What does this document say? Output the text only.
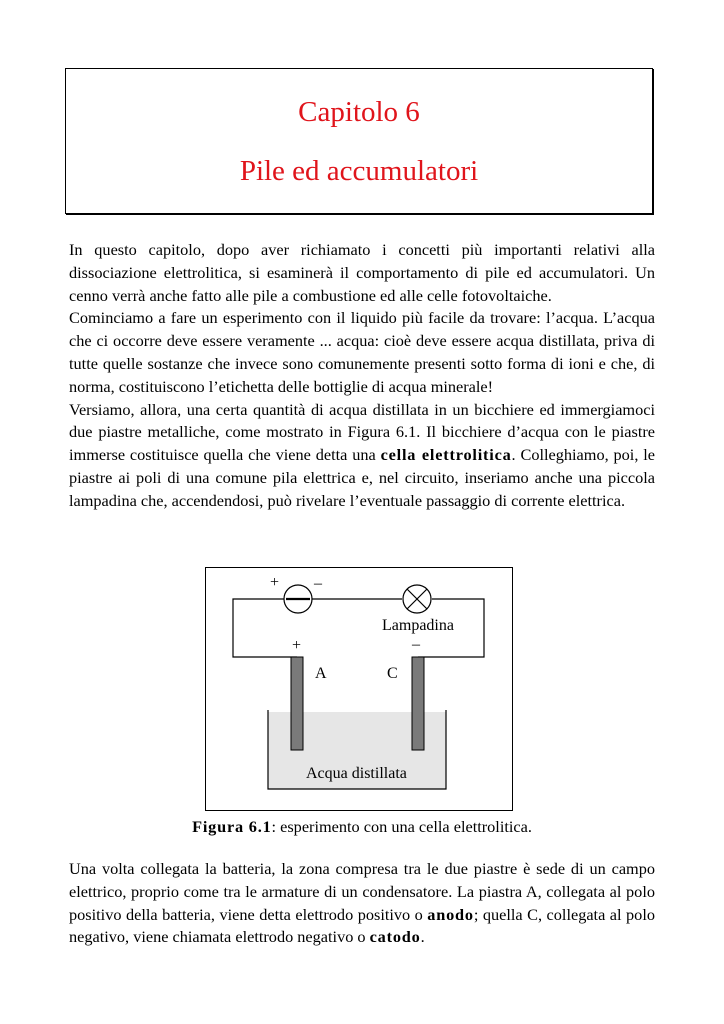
Capitolo 6
Pile ed accumulatori

In questo capitolo, dopo aver richiamato i concetti più importanti relativi alla dissociazione elettrolitica, si esaminerà il comportamento di pile ed accumulatori. Un cenno verrà anche fatto alle pile a combustione ed alle celle fotovoltaiche.
Cominciamo a fare un esperimento con il liquido più facile da trovare: l’acqua. L’acqua che ci occorre deve essere veramente ... acqua: cioè deve essere acqua distillata, priva di tutte quelle sostanze che invece sono comunemente presenti sotto forma di ioni e che, di norma, costituiscono l’etichetta delle bottiglie di acqua minerale!
Versiamo, allora, una certa quantità di acqua distillata in un bicchiere ed immergiamoci due piastre metalliche, come mostrato in Figura 6.1. Il bicchiere d’acqua con le piastre immerse costituisce quella che viene detta una cella elettrolitica. Colleghiamo, poi, le piastre ai poli di una comune pila elettrica e, nel circuito, inseriamo anche una piccola lampadina che, accendendosi, può rivelare l’eventuale passaggio di corrente elettrica.

+ –
Lampadina
+	–
A	C
Acqua distillata
Figura 6.1: esperimento con una cella elettrolitica.

Una volta collegata la batteria, la zona compresa tra le due piastre è sede di un campo elettrico, proprio come tra le armature di un condensatore. La piastra A, collegata al polo positivo della batteria, viene detta elettrodo positivo o anodo; quella C, collegata al polo negativo, viene chiamata elettrodo negativo o catodo.
